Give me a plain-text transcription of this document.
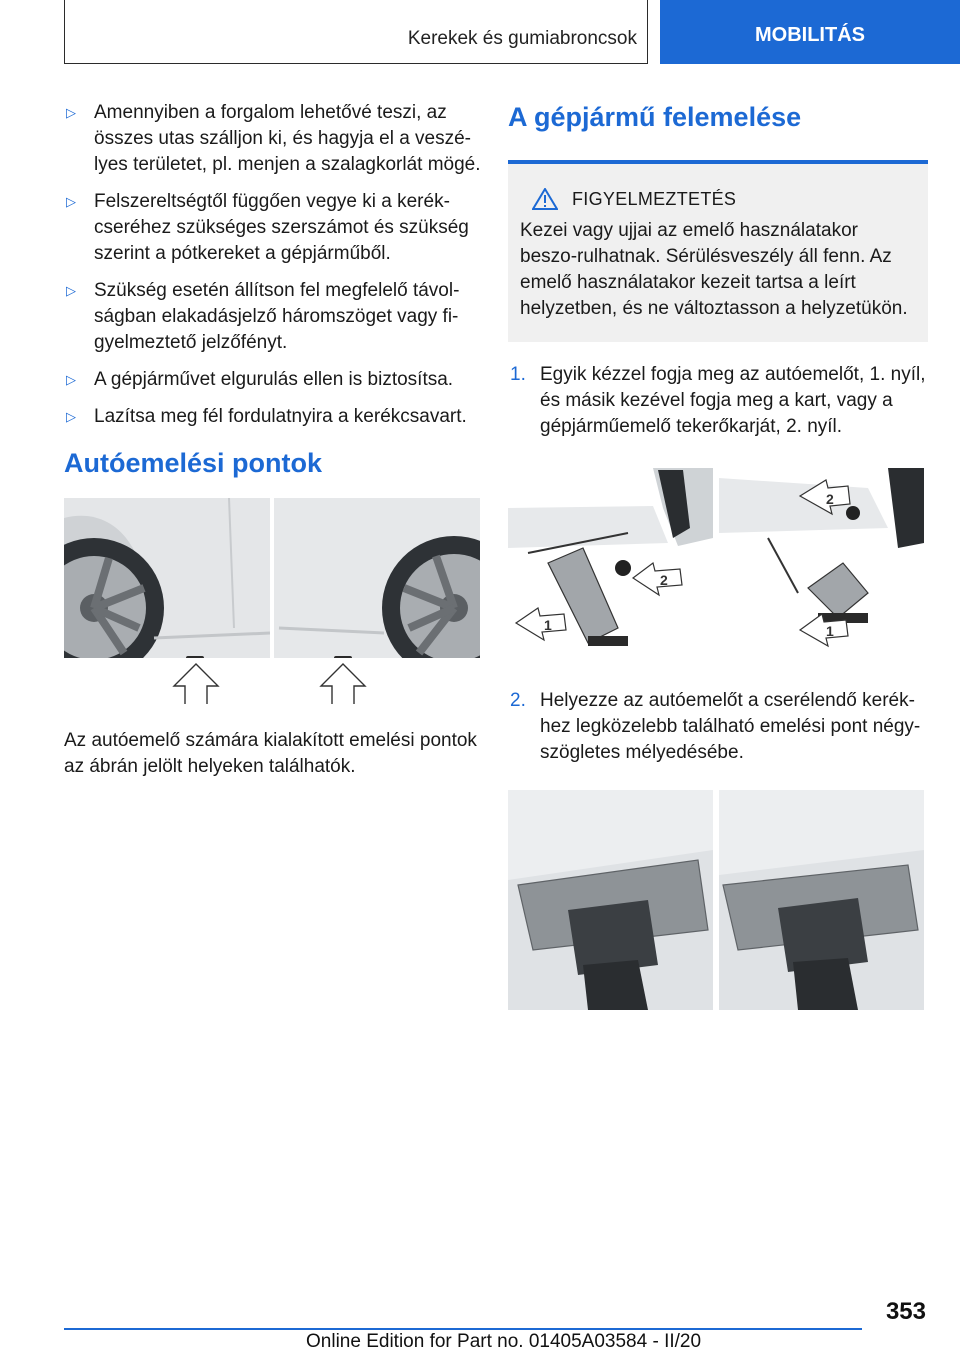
Kerekek és gumiabroncsok	MOBILITÁS
▷ Amennyiben a forgalom lehetővé teszi, az összes utas szálljon ki, és hagyja el a veszé-lyes területet, pl. menjen a szalagkorlát mögé.
▷ Felszereltségtől függően vegye ki a kerék-cseréhez szükséges szerszámot és szükség szerint a pótkereket a gépjárműből.
▷ Szükség esetén állítson fel megfelelő távol-ságban elakadásjelző háromszöget vagy fi-gyelmeztető jelzőfényt.
▷ A gépjárművet elgurulás ellen is biztosítsa.
▷ Lazítsa meg fél fordulatnyira a kerékcsavart.
Autóemelési pontok
Az autóemelő számára kialakított emelési pontok az ábrán jelölt helyeken találhatók.
A gépjármű felemelése
FIGYELMEZTETÉS
Kezei vagy ujjai az emelő használatakor beszo-rulhatnak. Sérülésveszély áll fenn. Az emelő használatakor kezeit tartsa a leírt helyzetben, és ne változtasson a helyzetükön.
1. Egyik kézzel fogja meg az autóemelőt, 1. nyíl, és másik kezével fogja meg a kart, vagy a gépjárműemelő tekerőkarját, 2. nyíl.
1
2
2
1
2. Helyezze az autóemelőt a cserélendő kerék-hez legközelebb található emelési pont négy-szögletes mélyedésébe.
353
Online Edition for Part no. 01405A03584 - II/20
